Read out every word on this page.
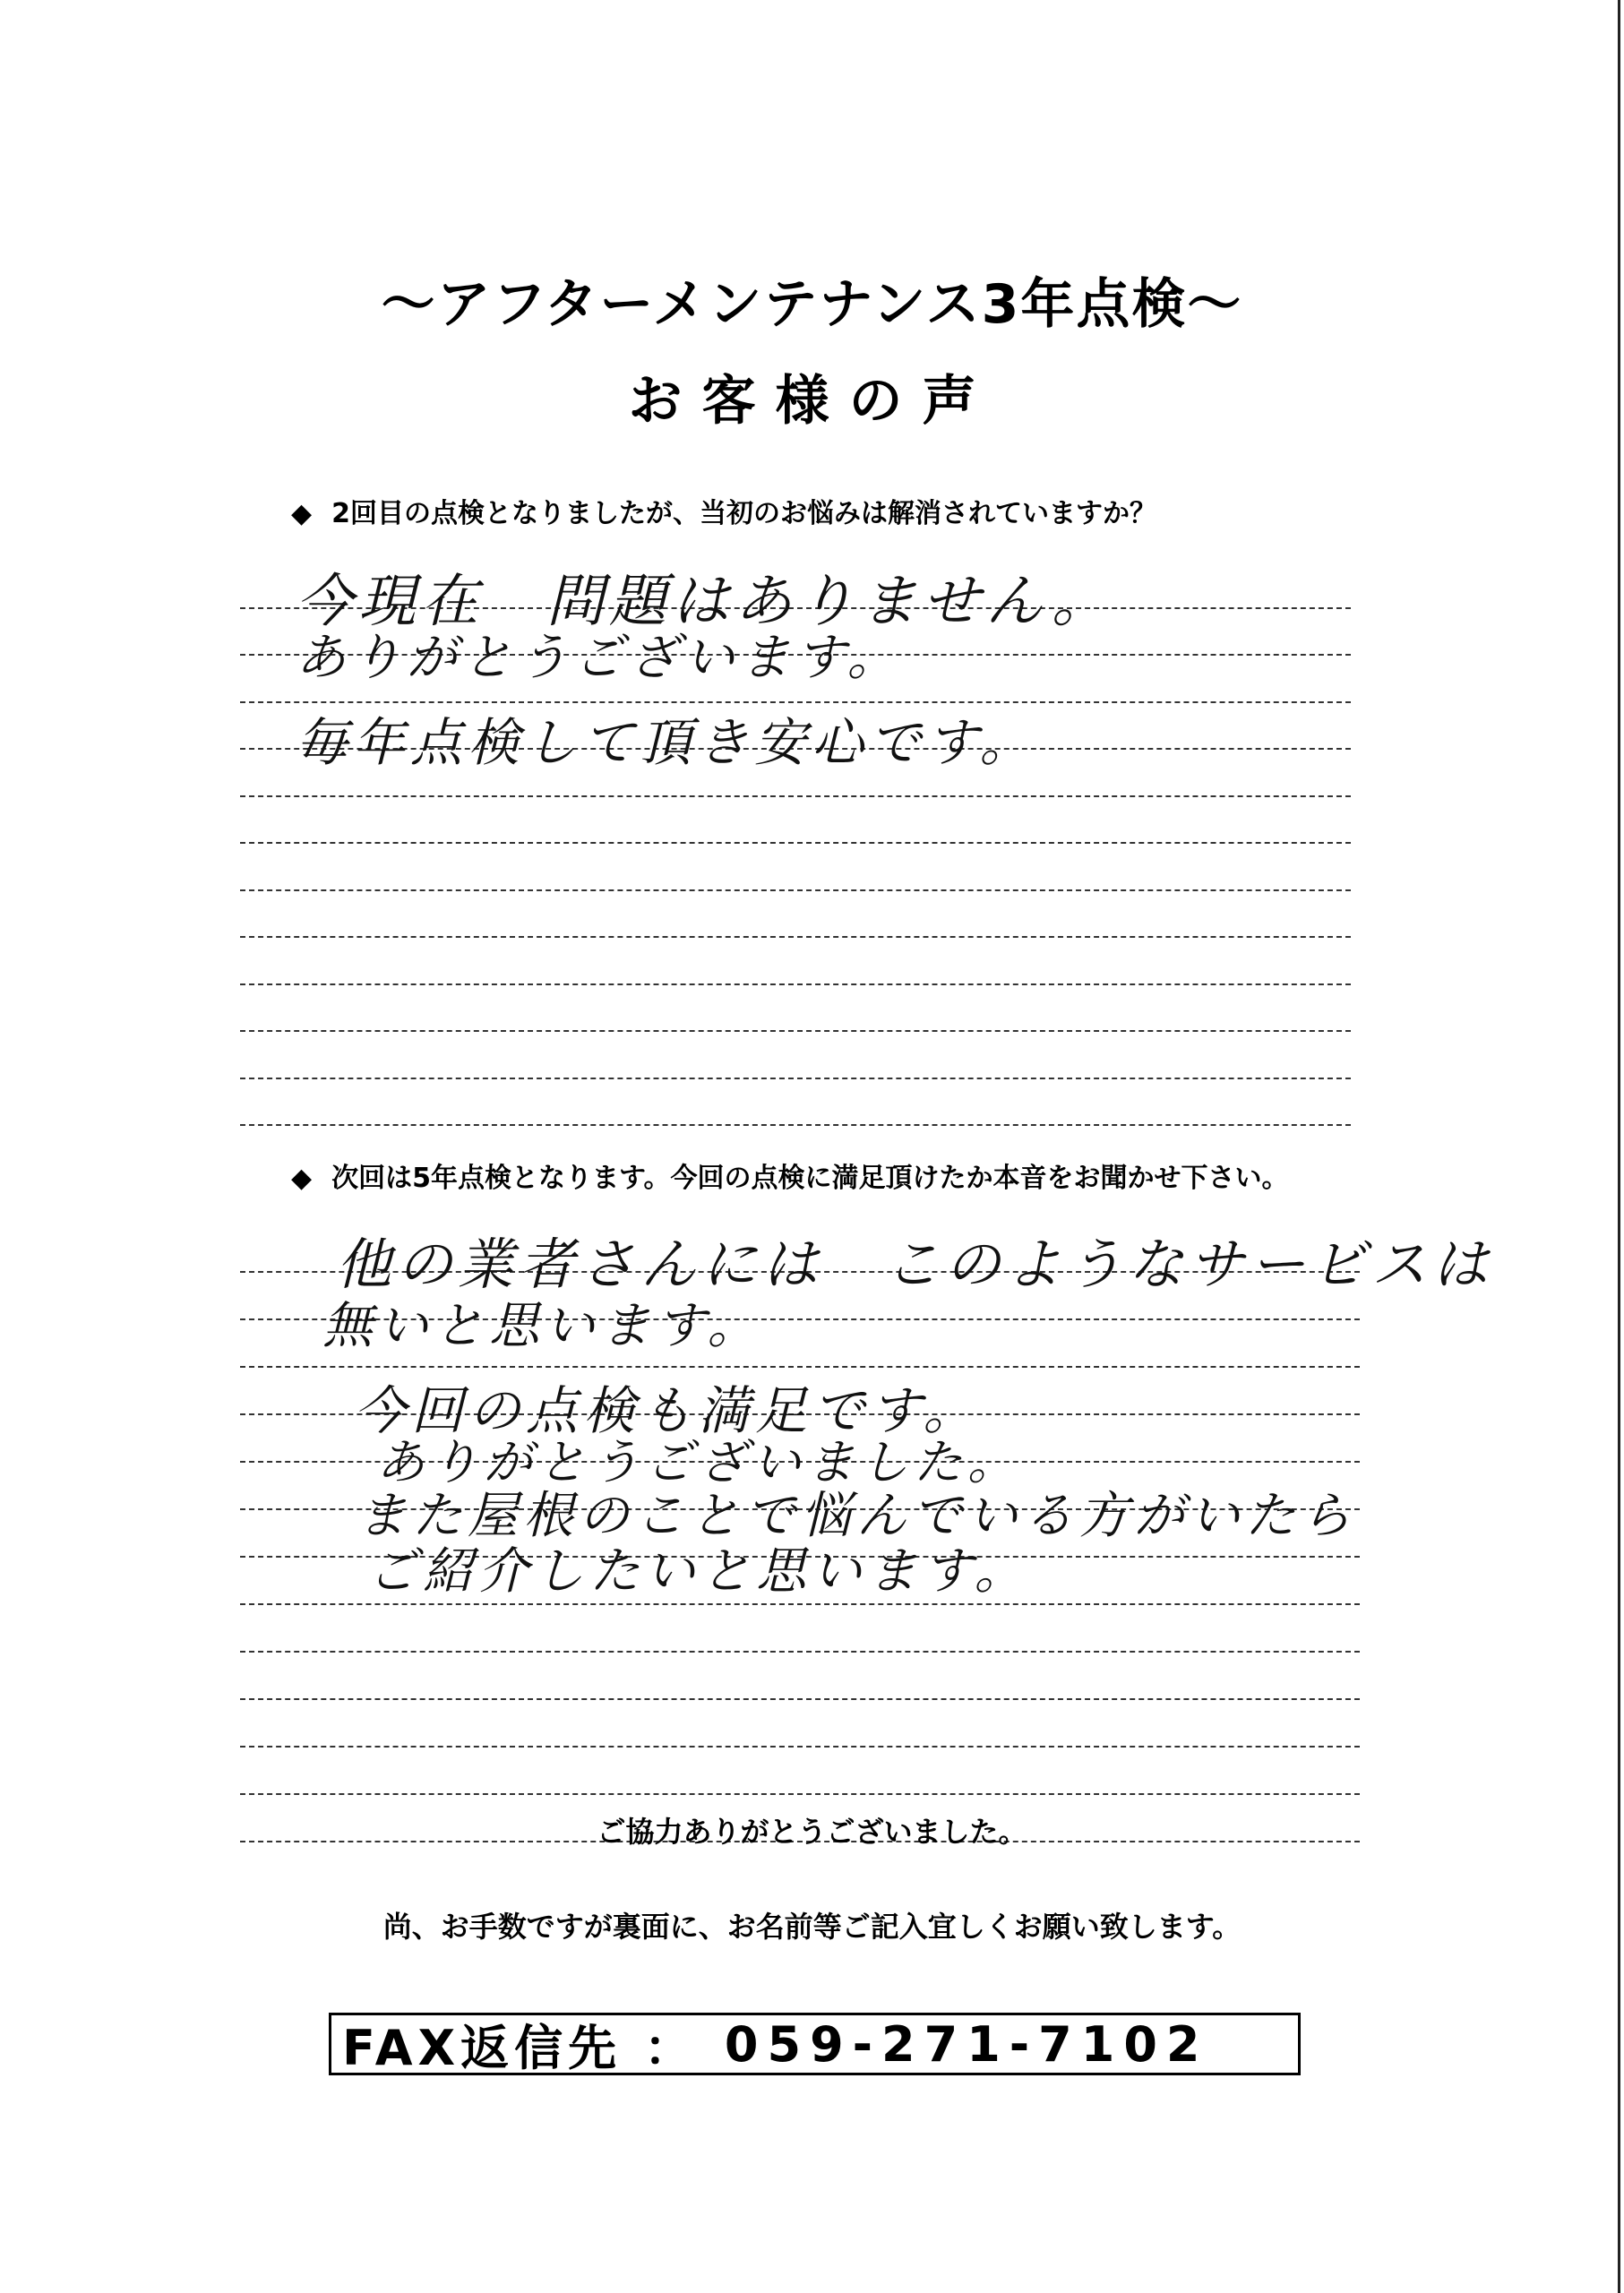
〜アフターメンテナンス3年点検〜
お客様の声
◆ 2回目の点検となりましたが、当初のお悩みは解消されていますか？
今現在　問題はありません。
ありがとうございます。
毎年点検して頂き安心です。
◆ 次回は5年点検となります。今回の点検に満足頂けたか本音をお聞かせ下さい。
他の業者さんには　このようなサービスは
無いと思います。
今回の点検も満足です。
ありがとうございました。
また屋根のことで悩んでいる方がいたら
ご紹介したいと思います。
ご協力ありがとうございました。
尚、お手数ですが裏面に、お名前等ご記入宜しくお願い致します。
FAX返信先 ： 059-271-7102
